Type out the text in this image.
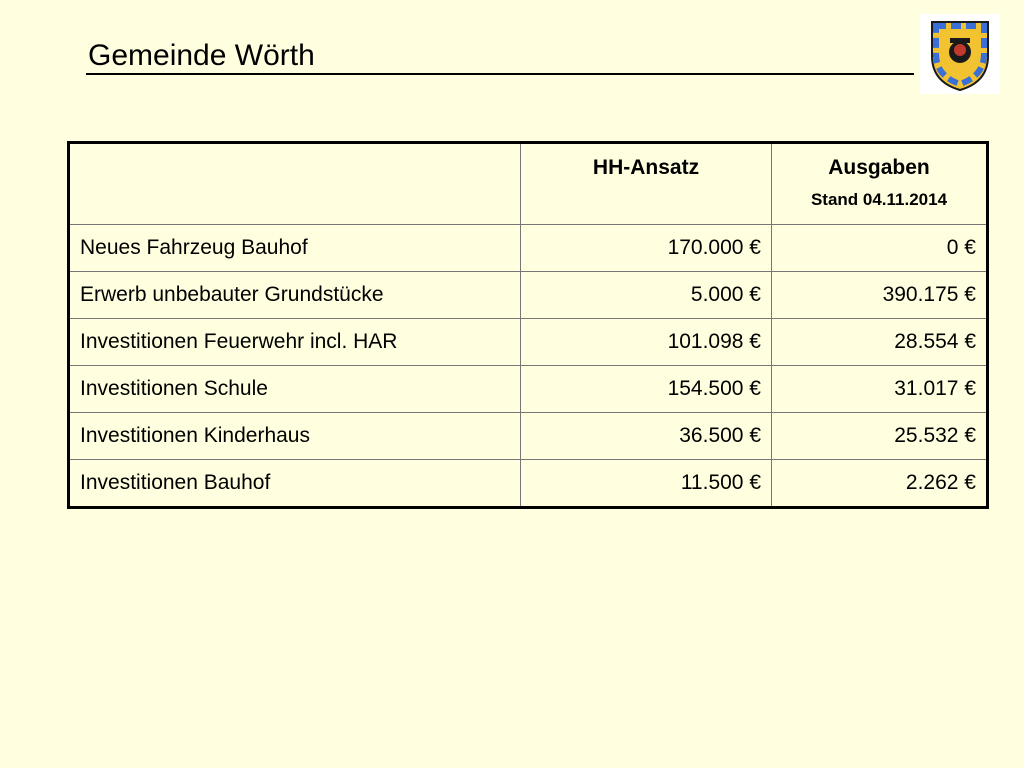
Gemeinde Wörth

	HH-Ansatz	Ausgaben
Stand 04.11.2014

Neues Fahrzeug Bauhof	170.000 €	0 €
Erwerb unbebauter Grundstücke	5.000 €	390.175 €
Investitionen Feuerwehr incl. HAR	101.098 €	28.554 €
Investitionen Schule	154.500 €	31.017 €
Investitionen Kinderhaus	36.500 €	25.532 €
Investitionen Bauhof	11.500 €	2.262 €
